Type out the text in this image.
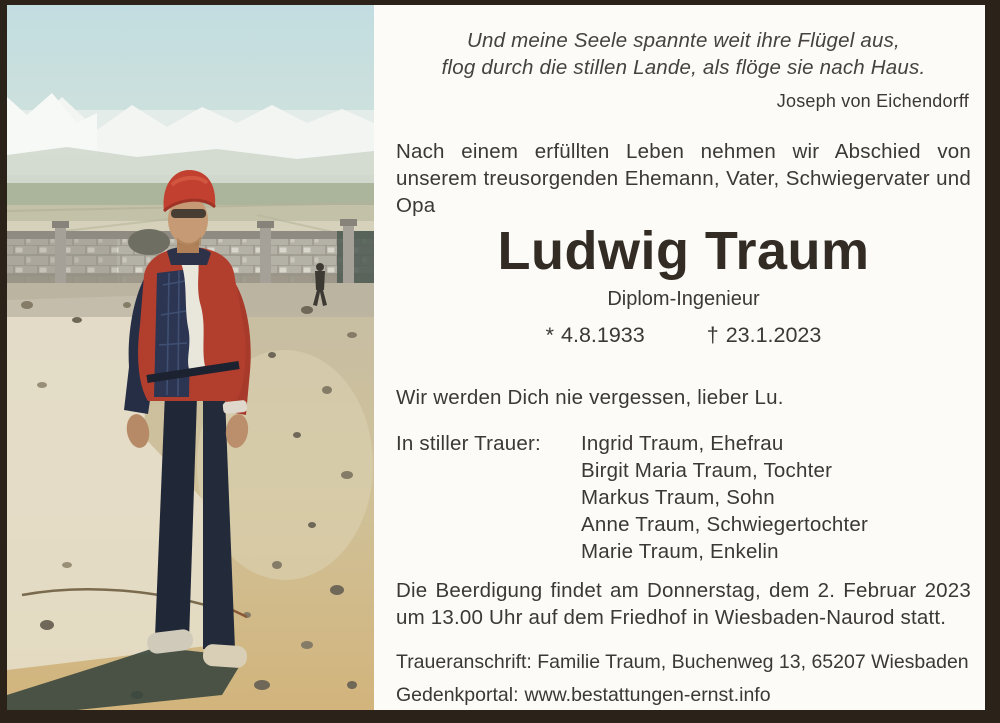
Und meine Seele spannte weit ihre Flügel aus,
flog durch die stillen Lande, als flöge sie nach Haus.
Joseph von Eichendorff
Nach einem erfüllten Leben nehmen wir Abschied von unserem treusorgenden Ehemann, Vater, Schwiegervater und Opa
Ludwig Traum
Diplom-Ingenieur
* 4.8.1933	† 23.1.2023
Wir werden Dich nie vergessen, lieber Lu.
In stiller Trauer:	Ingrid Traum, Ehefrau
Birgit Maria Traum, Tochter
Markus Traum, Sohn
Anne Traum, Schwiegertochter
Marie Traum, Enkelin
Die Beerdigung findet am Donnerstag, dem 2. Februar 2023 um 13.00 Uhr auf dem Friedhof in Wiesbaden-Naurod statt.
Traueranschrift: Familie Traum, Buchenweg 13, 65207 Wiesbaden
Gedenkportal: www.bestattungen-ernst.info
